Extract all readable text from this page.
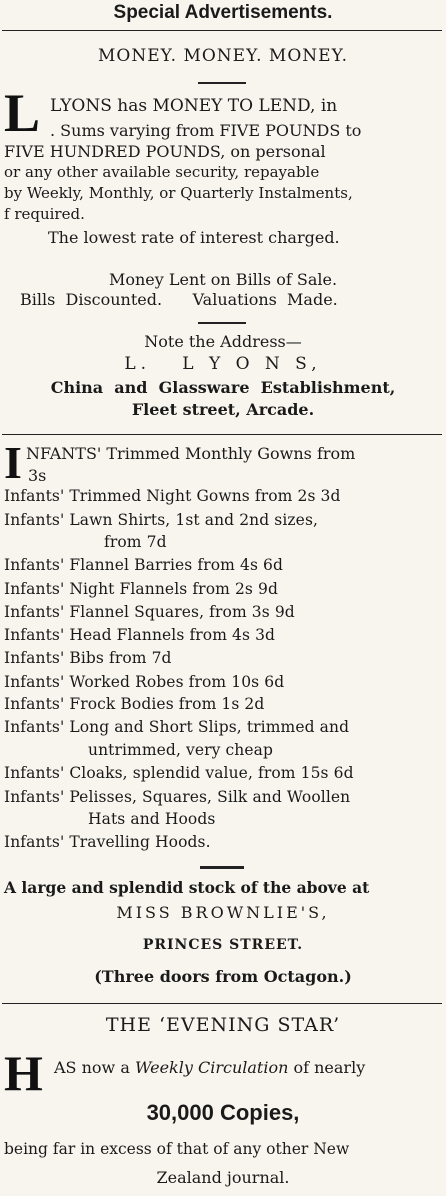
Special Advertisements.
MONEY. MONEY. MONEY.
L LYONS has MONEY TO LEND, in
. Sums varying from FIVE POUNDS to
FIVE HUNDRED POUNDS, on personal
or any other available security, repayable
by Weekly, Monthly, or Quarterly Instalments,
f required.
The lowest rate of interest charged.
Money Lent on Bills of Sale.
Bills  Discounted.      Valuations  Made.
Note the Address—
L.   L Y O N S,
China  and  Glassware  Establishment,
Fleet street, Arcade.
I NFANTS' Trimmed Monthly Gowns from
3s
Infants' Trimmed Night Gowns from 2s 3d
Infants' Lawn Shirts, 1st and 2nd sizes,
from 7d
Infants' Flannel Barries from 4s 6d
Infants' Night Flannels from 2s 9d
Infants' Flannel Squares, from 3s 9d
Infants' Head Flannels from 4s 3d
Infants' Bibs from 7d
Infants' Worked Robes from 10s 6d
Infants' Frock Bodies from 1s 2d
Infants' Long and Short Slips, trimmed and
untrimmed, very cheap
Infants' Cloaks, splendid value, from 15s 6d
Infants' Pelisses, Squares, Silk and Woollen
Hats and Hoods
Infants' Travelling Hoods.
A large and splendid stock of the above at
MISS BROWNLIE'S,
PRINCES STREET.
(Three doors from Octagon.)
THE ‘EVENING STAR’
H AS now a Weekly Circulation of nearly
30,000 Copies,
being far in excess of that of any other New
Zealand journal.
